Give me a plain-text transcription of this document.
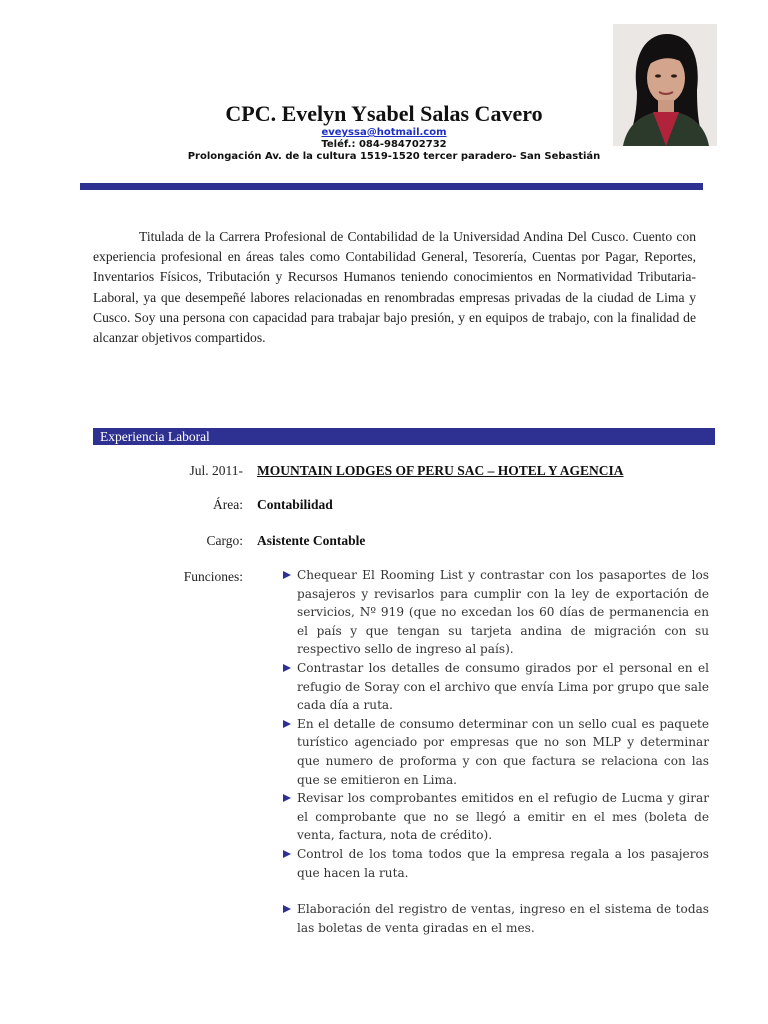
CPC. Evelyn Ysabel Salas Cavero
eveyssa@hotmail.com
Teléf.: 084-984702732
Prolongación Av. de la cultura 1519-1520 tercer paradero- San Sebastián
Titulada de la Carrera Profesional de Contabilidad de la Universidad Andina Del Cusco. Cuento con experiencia profesional en áreas tales como Contabilidad General, Tesorería, Cuentas por Pagar, Reportes, Inventarios Físicos, Tributación y Recursos Humanos teniendo conocimientos en Normatividad Tributaria-Laboral, ya que desempeñé labores relacionadas en renombradas empresas privadas de la ciudad de Lima y Cusco. Soy una persona con capacidad para trabajar bajo presión, y en equipos de trabajo, con la finalidad de alcanzar objetivos compartidos.
Experiencia Laboral
Jul. 2011- MOUNTAIN LODGES OF PERU SAC – HOTEL Y AGENCIA
Área: Contabilidad
Cargo: Asistente Contable
Funciones:	Chequear El Rooming List y contrastar con los pasaportes de los pasajeros y revisarlos para cumplir con la ley de exportación de servicios, Nº 919 (que no excedan los 60 días de permanencia en el país y que tengan su tarjeta andina de migración con su respectivo sello de ingreso al país).
Contrastar los detalles de consumo girados por el personal en el refugio de Soray con el archivo que envía Lima por grupo que sale cada día a ruta.
En el detalle de consumo determinar con un sello cual es paquete turístico agenciado por empresas que no son MLP y determinar que numero de proforma y con que factura se relaciona con las que se emitieron en Lima.
Revisar los comprobantes emitidos en el refugio de Lucma y girar el comprobante que no se llegó a emitir en el mes (boleta de venta, factura, nota de crédito).
Control de los toma todos que la empresa regala a los pasajeros que hacen la ruta.
Elaboración del registro de ventas, ingreso en el sistema de todas las boletas de venta giradas en el mes.
